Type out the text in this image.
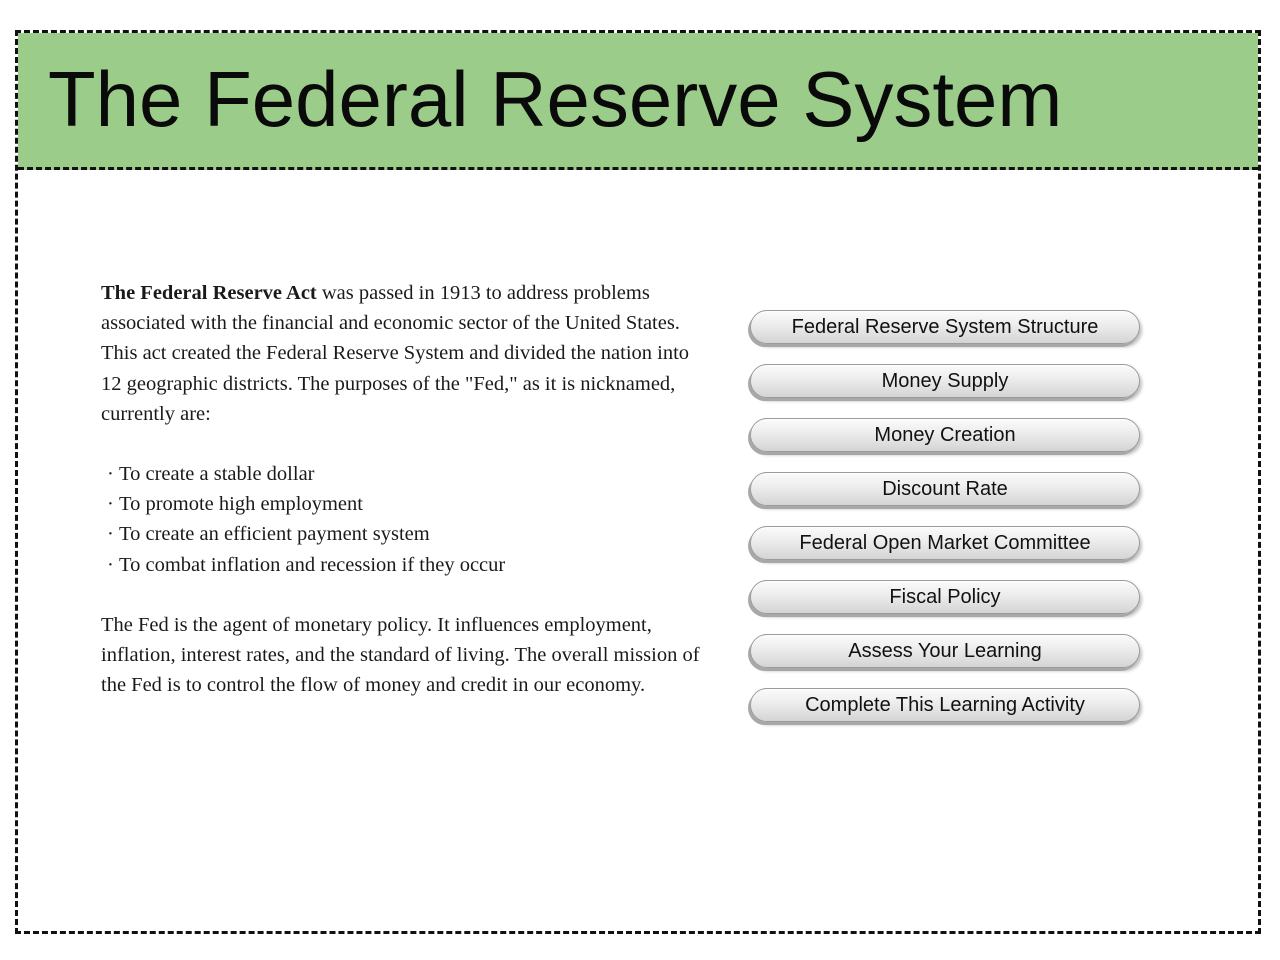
The Federal Reserve System

The Federal Reserve Act was passed in 1913 to address problems associated with the financial and economic sector of the United States. This act created the Federal Reserve System and divided the nation into 12 geographic districts. The purposes of the "Fed," as it is nicknamed, currently are:

· To create a stable dollar
· To promote high employment
· To create an efficient payment system
· To combat inflation and recession if they occur

The Fed is the agent of monetary policy. It influences employment, inflation, interest rates, and the standard of living. The overall mission of the Fed is to control the flow of money and credit in our economy.

Federal Reserve System Structure
Money Supply
Money Creation
Discount Rate
Federal Open Market Committee
Fiscal Policy
Assess Your Learning
Complete This Learning Activity
